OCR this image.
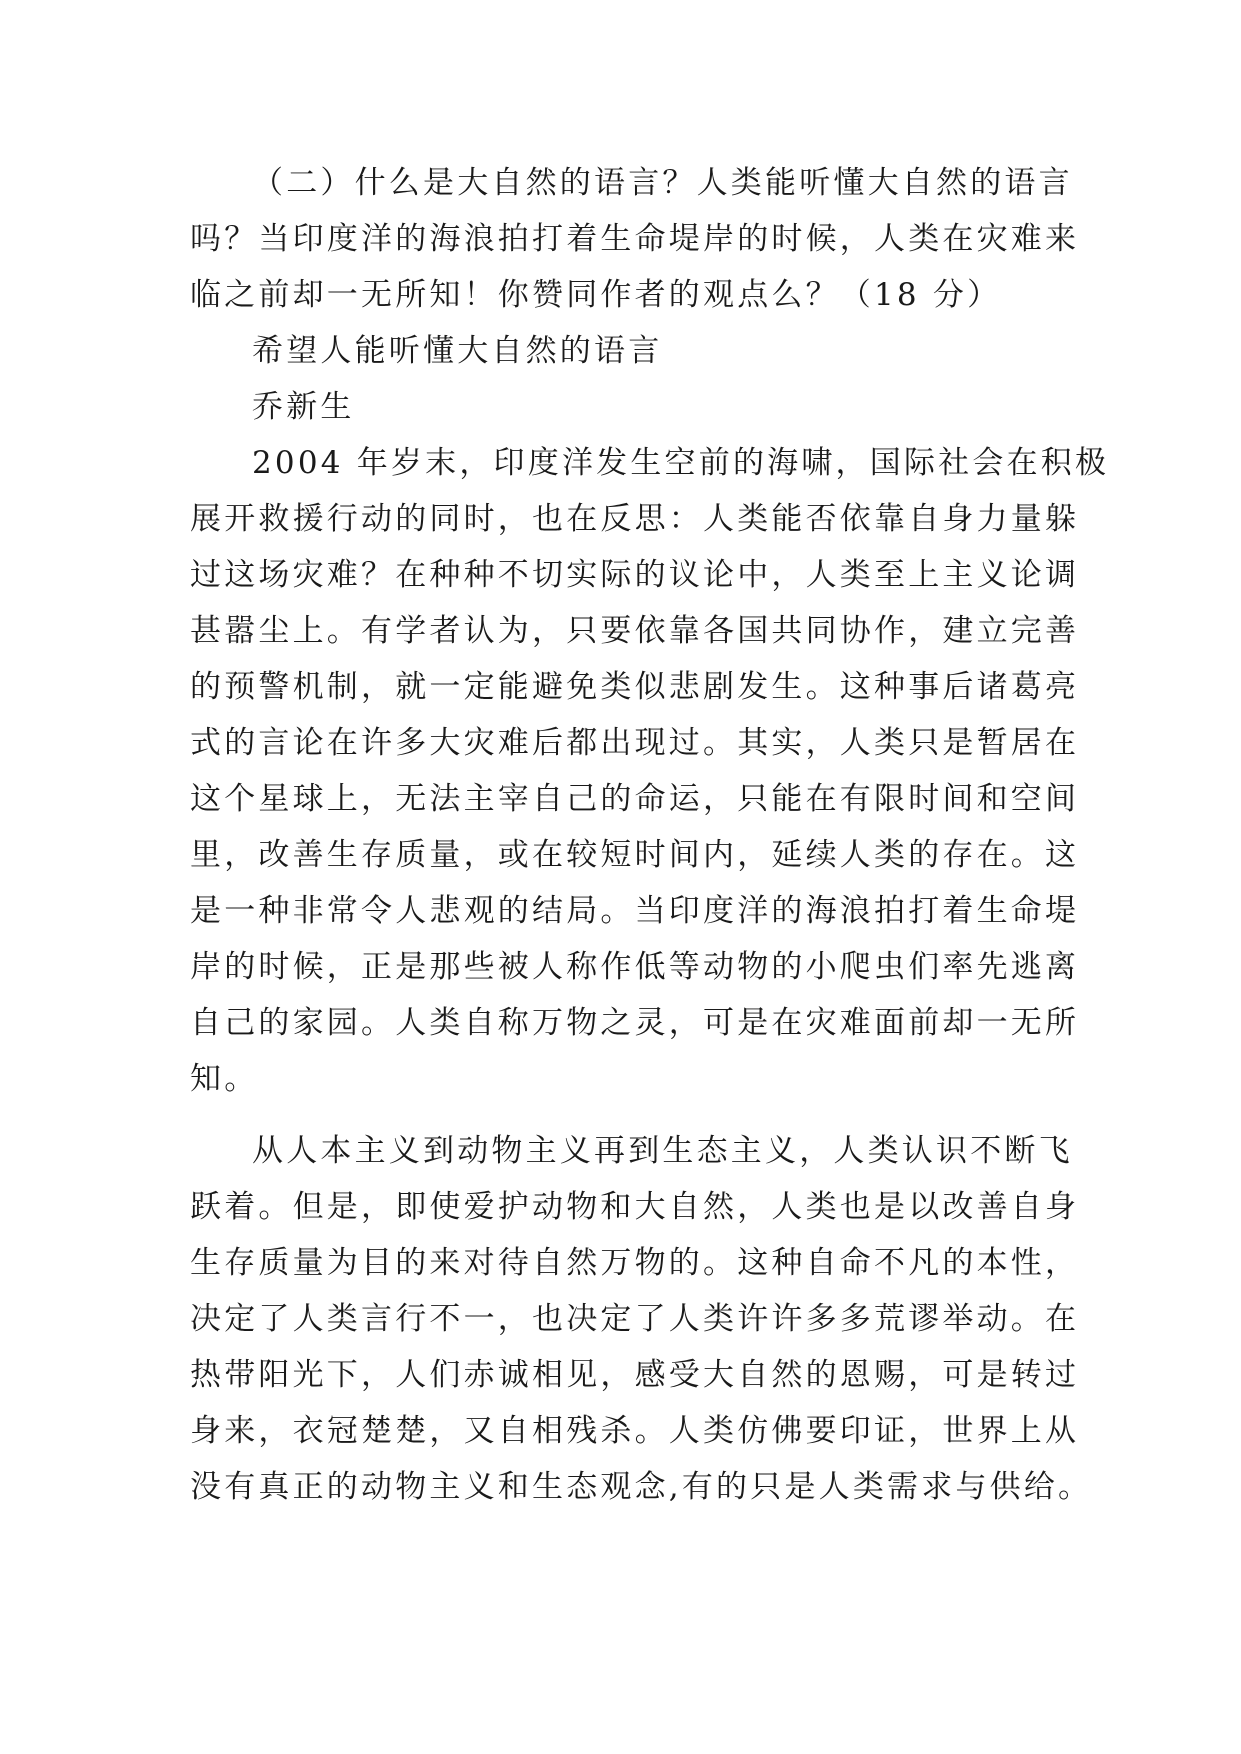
（二）什么是大自然的语言？人类能听懂大自然的语言
吗？当印度洋的海浪拍打着生命堤岸的时候，人类在灾难来
临之前却一无所知！你赞同作者的观点么？（18 分）
希望人能听懂大自然的语言
乔新生
2004 年岁末，印度洋发生空前的海啸，国际社会在积极
展开救援行动的同时，也在反思：人类能否依靠自身力量躲
过这场灾难？在种种不切实际的议论中，人类至上主义论调
甚嚣尘上。有学者认为，只要依靠各国共同协作，建立完善
的预警机制，就一定能避免类似悲剧发生。这种事后诸葛亮
式的言论在许多大灾难后都出现过。其实，人类只是暂居在
这个星球上，无法主宰自己的命运，只能在有限时间和空间
里，改善生存质量，或在较短时间内，延续人类的存在。这
是一种非常令人悲观的结局。当印度洋的海浪拍打着生命堤
岸的时候，正是那些被人称作低等动物的小爬虫们率先逃离
自己的家园。人类自称万物之灵，可是在灾难面前却一无所
知。
从人本主义到动物主义再到生态主义，人类认识不断飞
跃着。但是，即使爱护动物和大自然，人类也是以改善自身
生存质量为目的来对待自然万物的。这种自命不凡的本性，
决定了人类言行不一，也决定了人类许许多多荒谬举动。在
热带阳光下，人们赤诚相见，感受大自然的恩赐，可是转过
身来，衣冠楚楚，又自相残杀。人类仿佛要印证，世界上从
没有真正的动物主义和生态观念,有的只是人类需求与供给。
